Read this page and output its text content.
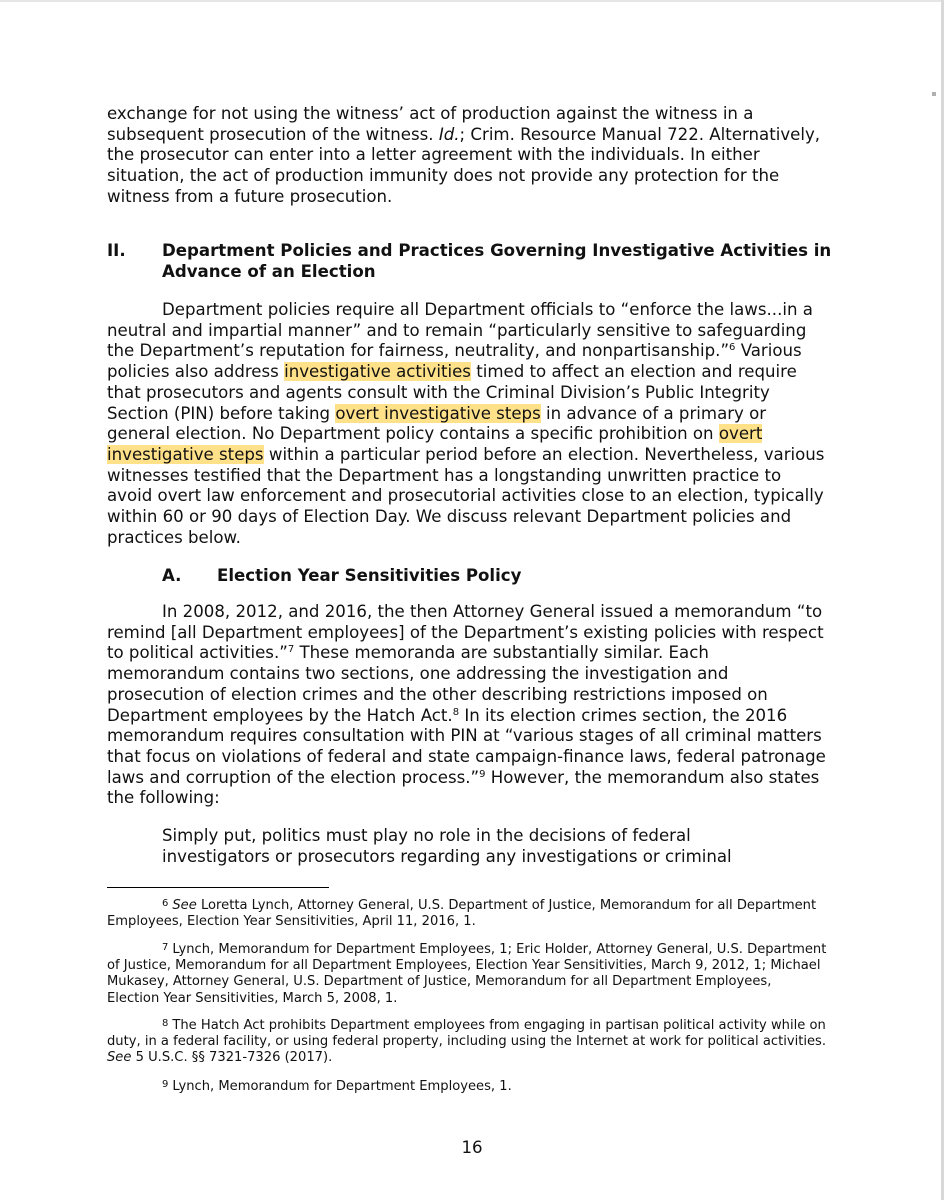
exchange for not using the witness’ act of production against the witness in a subsequent prosecution of the witness. Id.; Crim. Resource Manual 722. Alternatively, the prosecutor can enter into a letter agreement with the individuals. In either situation, the act of production immunity does not provide any protection for the witness from a future prosecution.

II. Department Policies and Practices Governing Investigative Activities in Advance of an Election

Department policies require all Department officials to “enforce the laws...in a neutral and impartial manner” and to remain “particularly sensitive to safeguarding the Department’s reputation for fairness, neutrality, and nonpartisanship.”$^6$ Various policies also address investigative activities timed to affect an election and require that prosecutors and agents consult with the Criminal Division’s Public Integrity Section (PIN) before taking overt investigative steps in advance of a primary or general election. No Department policy contains a specific prohibition on overt investigative steps within a particular period before an election. Nevertheless, various witnesses testified that the Department has a longstanding unwritten practice to avoid overt law enforcement and prosecutorial activities close to an election, typically within 60 or 90 days of Election Day. We discuss relevant Department policies and practices below.

A. Election Year Sensitivities Policy

In 2008, 2012, and 2016, the then Attorney General issued a memorandum “to remind [all Department employees] of the Department’s existing policies with respect to political activities.”$^7$ These memoranda are substantially similar. Each memorandum contains two sections, one addressing the investigation and prosecution of election crimes and the other describing restrictions imposed on Department employees by the Hatch Act.$^8$ In its election crimes section, the 2016 memorandum requires consultation with PIN at “various stages of all criminal matters that focus on violations of federal and state campaign-finance laws, federal patronage laws and corruption of the election process.”$^9$ However, the memorandum also states the following:

Simply put, politics must play no role in the decisions of federal investigators or prosecutors regarding any investigations or criminal

$^6$ See Loretta Lynch, Attorney General, U.S. Department of Justice, Memorandum for all Department Employees, Election Year Sensitivities, April 11, 2016, 1.

$^7$ Lynch, Memorandum for Department Employees, 1; Eric Holder, Attorney General, U.S. Department of Justice, Memorandum for all Department Employees, Election Year Sensitivities, March 9, 2012, 1; Michael Mukasey, Attorney General, U.S. Department of Justice, Memorandum for all Department Employees, Election Year Sensitivities, March 5, 2008, 1.

$^8$ The Hatch Act prohibits Department employees from engaging in partisan political activity while on duty, in a federal facility, or using federal property, including using the Internet at work for political activities. See 5 U.S.C. §§ 7321-7326 (2017).

$^9$ Lynch, Memorandum for Department Employees, 1.

16
